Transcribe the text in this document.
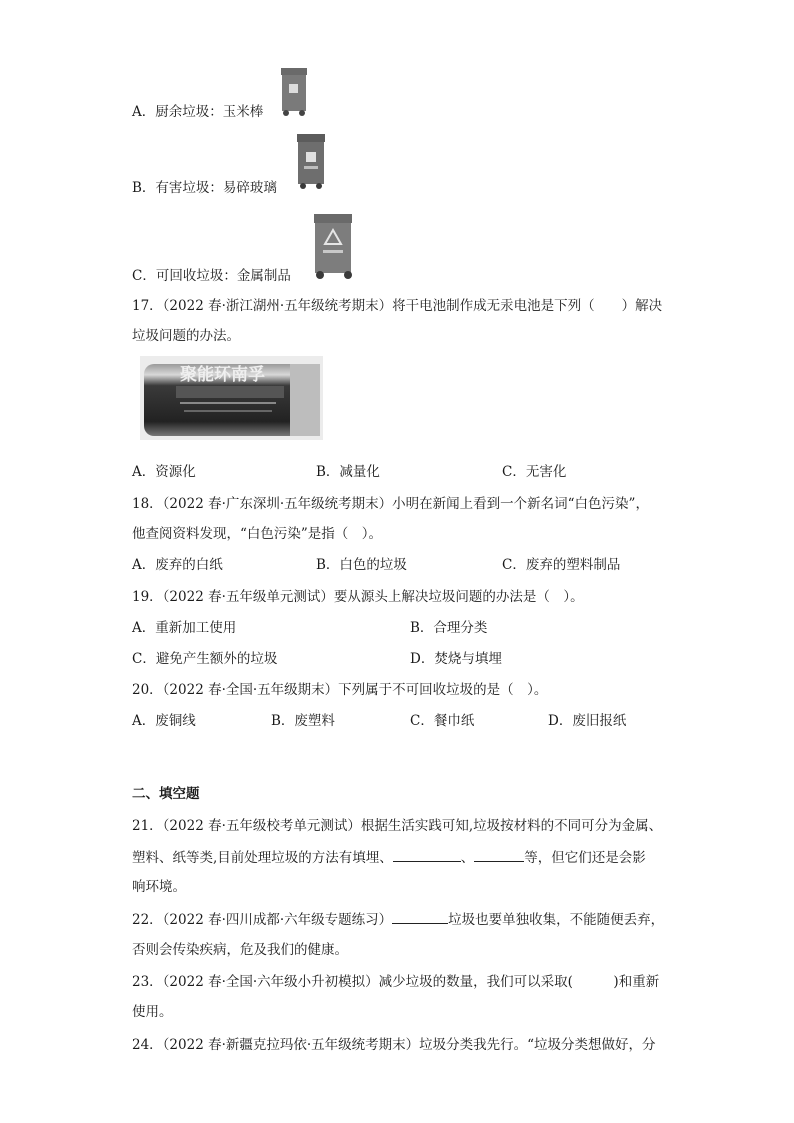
A．厨余垃圾：玉米棒
B．有害垃圾：易碎玻璃
C．可回收垃圾：金属制品
17．（2022 春·浙江湖州·五年级统考期末）将干电池制作成无汞电池是下列（　　）解决
垃圾问题的办法。
聚能环南孚
A．资源化	B．减量化	C．无害化
18．（2022 春·广东深圳·五年级统考期末）小明在新闻上看到一个新名词“白色污染”，
他查阅资料发现，“白色污染”是指（　）。
A．废弃的白纸	B．白色的垃圾	C．废弃的塑料制品
19．（2022 春·五年级单元测试）要从源头上解决垃圾问题的办法是（　）。
A．重新加工使用	B．合理分类
C．避免产生额外的垃圾	D．焚烧与填埋
20．（2022 春·全国·五年级期末）下列属于不可回收垃圾的是（　）。
A．废铜线	B．废塑料	C．餐巾纸	D．废旧报纸
二、填空题
21．（2022 春·五年级校考单元测试）根据生活实践可知,垃圾按材料的不同可分为金属、
塑料、纸等类,目前处理垃圾的方法有填埋、	、	等，但它们还是会影
响环境。
22．（2022 春·四川成都·六年级专题练习）	垃圾也要单独收集，不能随便丢弃，
否则会传染疾病，危及我们的健康。
23．（2022 春·全国·六年级小升初模拟）减少垃圾的数量，我们可以采取(　　　)和重新
使用。
24．（2022 春·新疆克拉玛依·五年级统考期末）垃圾分类我先行。“垃圾分类想做好，分
